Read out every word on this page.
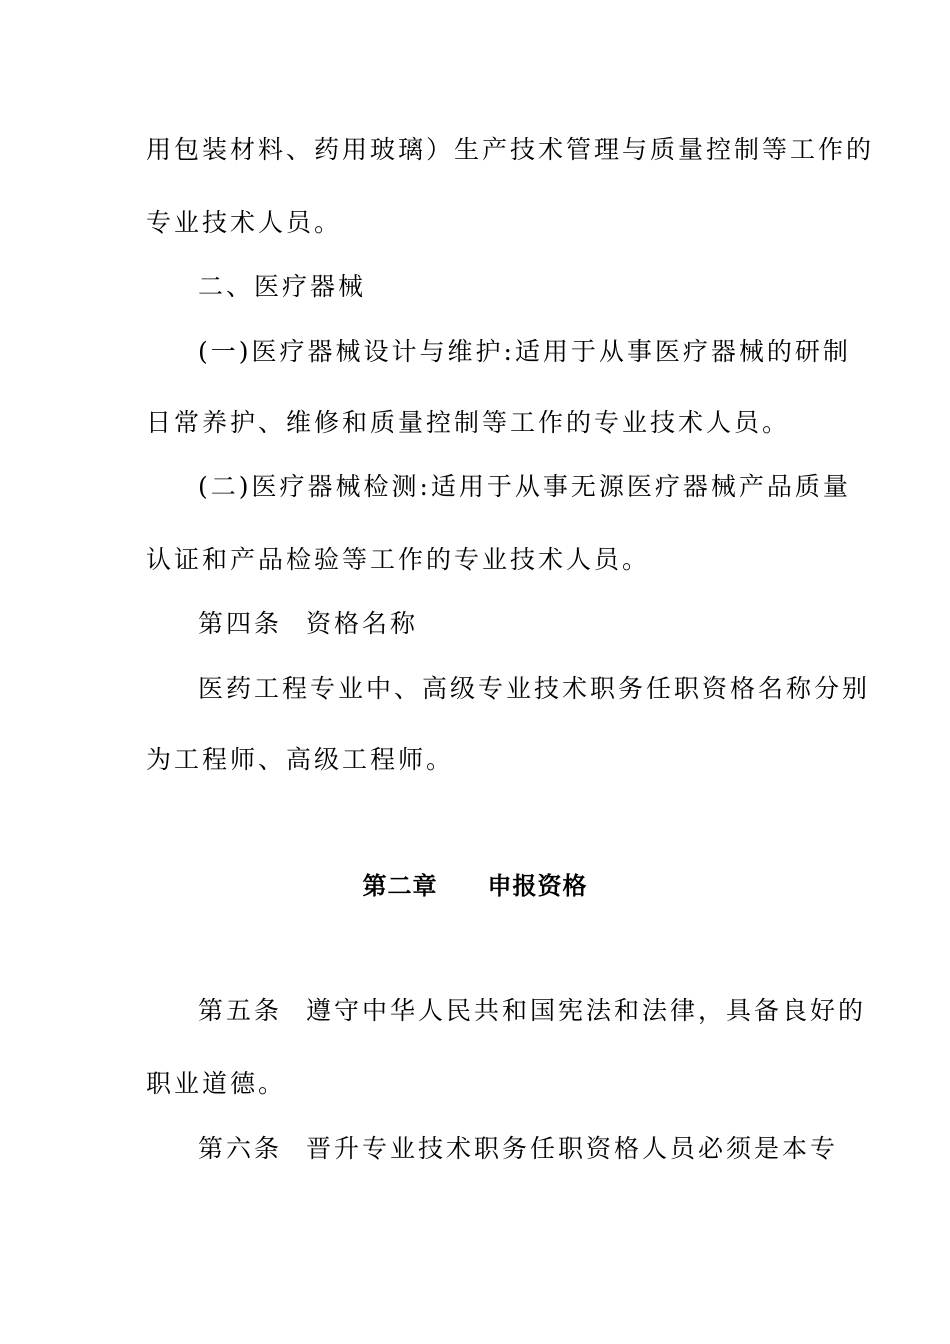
用包装材料、药用玻璃）生产技术管理与质量控制等工作的
专业技术人员。
二、医疗器械
(一)医疗器械设计与维护:适用于从事医疗器械的研制
日常养护、维修和质量控制等工作的专业技术人员。
(二)医疗器械检测:适用于从事无源医疗器械产品质量
认证和产品检验等工作的专业技术人员。
第四条 资格名称
医药工程专业中、高级专业技术职务任职资格名称分别
为工程师、高级工程师。
第二章 申报资格
第五条 遵守中华人民共和国宪法和法律，具备良好的
职业道德。
第六条 晋升专业技术职务任职资格人员必须是本专
